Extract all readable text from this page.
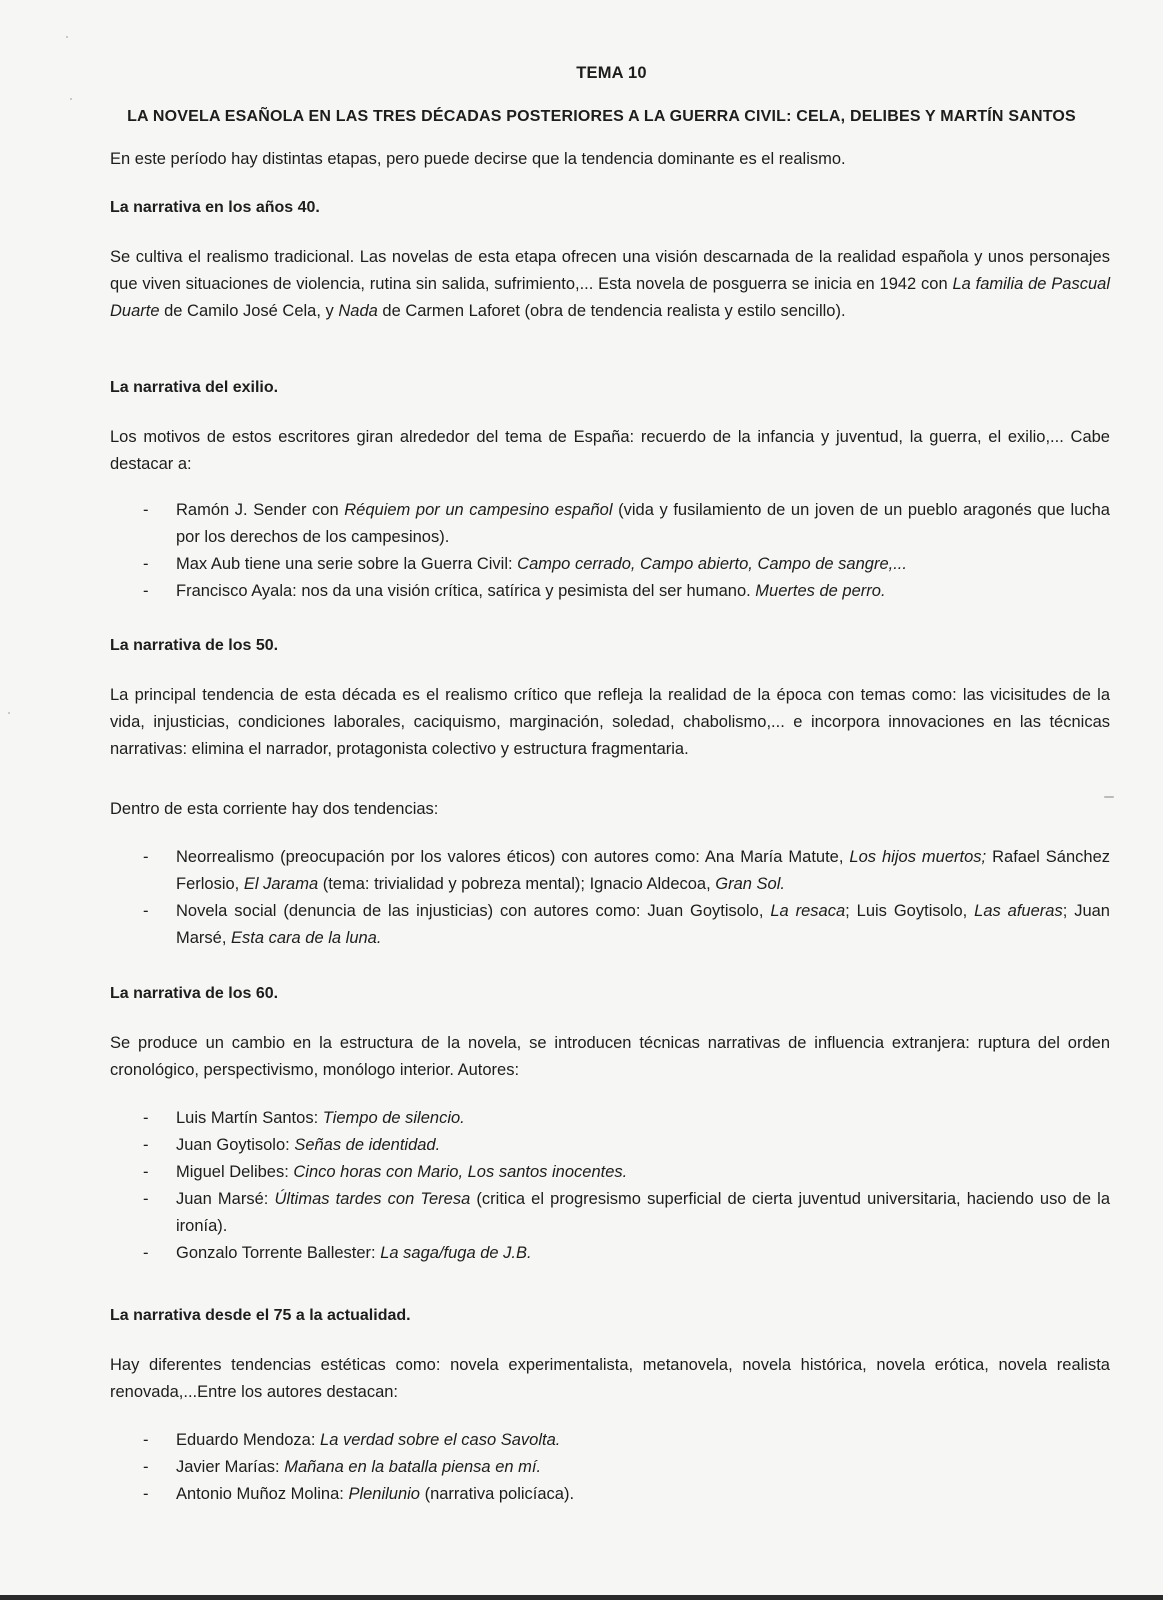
TEMA 10
LA NOVELA ESAÑOLA EN LAS TRES DÉCADAS POSTERIORES A LA GUERRA CIVIL: CELA, DELIBES Y MARTÍN SANTOS

En este período hay distintas etapas, pero puede decirse que la tendencia dominante es el realismo.

La narrativa en los años 40.

Se cultiva el realismo tradicional. Las novelas de esta etapa ofrecen una visión descarnada de la realidad española y unos personajes que viven situaciones de violencia, rutina sin salida, sufrimiento,... Esta novela de posguerra se inicia en 1942 con La familia de Pascual Duarte de Camilo José Cela, y Nada de Carmen Laforet (obra de tendencia realista y estilo sencillo).

La narrativa del exilio.

Los motivos de estos escritores giran alrededor del tema de España: recuerdo de la infancia y juventud, la guerra, el exilio,... Cabe destacar a:

- Ramón J. Sender con Réquiem por un campesino español (vida y fusilamiento de un joven de un pueblo aragonés que lucha por los derechos de los campesinos).
- Max Aub tiene una serie sobre la Guerra Civil: Campo cerrado, Campo abierto, Campo de sangre,...
- Francisco Ayala: nos da una visión crítica, satírica y pesimista del ser humano. Muertes de perro.

La narrativa de los 50.

La principal tendencia de esta década es el realismo crítico que refleja la realidad de la época con temas como: las vicisitudes de la vida, injusticias, condiciones laborales, caciquismo, marginación, soledad, chabolismo,... e incorpora innovaciones en las técnicas narrativas: elimina el narrador, protagonista colectivo y estructura fragmentaria.

Dentro de esta corriente hay dos tendencias:

- Neorrealismo (preocupación por los valores éticos) con autores como: Ana María Matute, Los hijos muertos; Rafael Sánchez Ferlosio, El Jarama (tema: trivialidad y pobreza mental); Ignacio Aldecoa, Gran Sol.
- Novela social (denuncia de las injusticias) con autores como: Juan Goytisolo, La resaca; Luis Goytisolo, Las afueras; Juan Marsé, Esta cara de la luna.

La narrativa de los 60.

Se produce un cambio en la estructura de la novela, se introducen técnicas narrativas de influencia extranjera: ruptura del orden cronológico, perspectivismo, monólogo interior. Autores:

- Luis Martín Santos: Tiempo de silencio.
- Juan Goytisolo: Señas de identidad.
- Miguel Delibes: Cinco horas con Mario, Los santos inocentes.
- Juan Marsé: Últimas tardes con Teresa (critica el progresismo superficial de cierta juventud universitaria, haciendo uso de la ironía).
- Gonzalo Torrente Ballester: La saga/fuga de J.B.

La narrativa desde el 75 a la actualidad.

Hay diferentes tendencias estéticas como: novela experimentalista, metanovela, novela histórica, novela erótica, novela realista renovada,...Entre los autores destacan:

- Eduardo Mendoza: La verdad sobre el caso Savolta.
- Javier Marías: Mañana en la batalla piensa en mí.
- Antonio Muñoz Molina: Plenilunio (narrativa policíaca).
